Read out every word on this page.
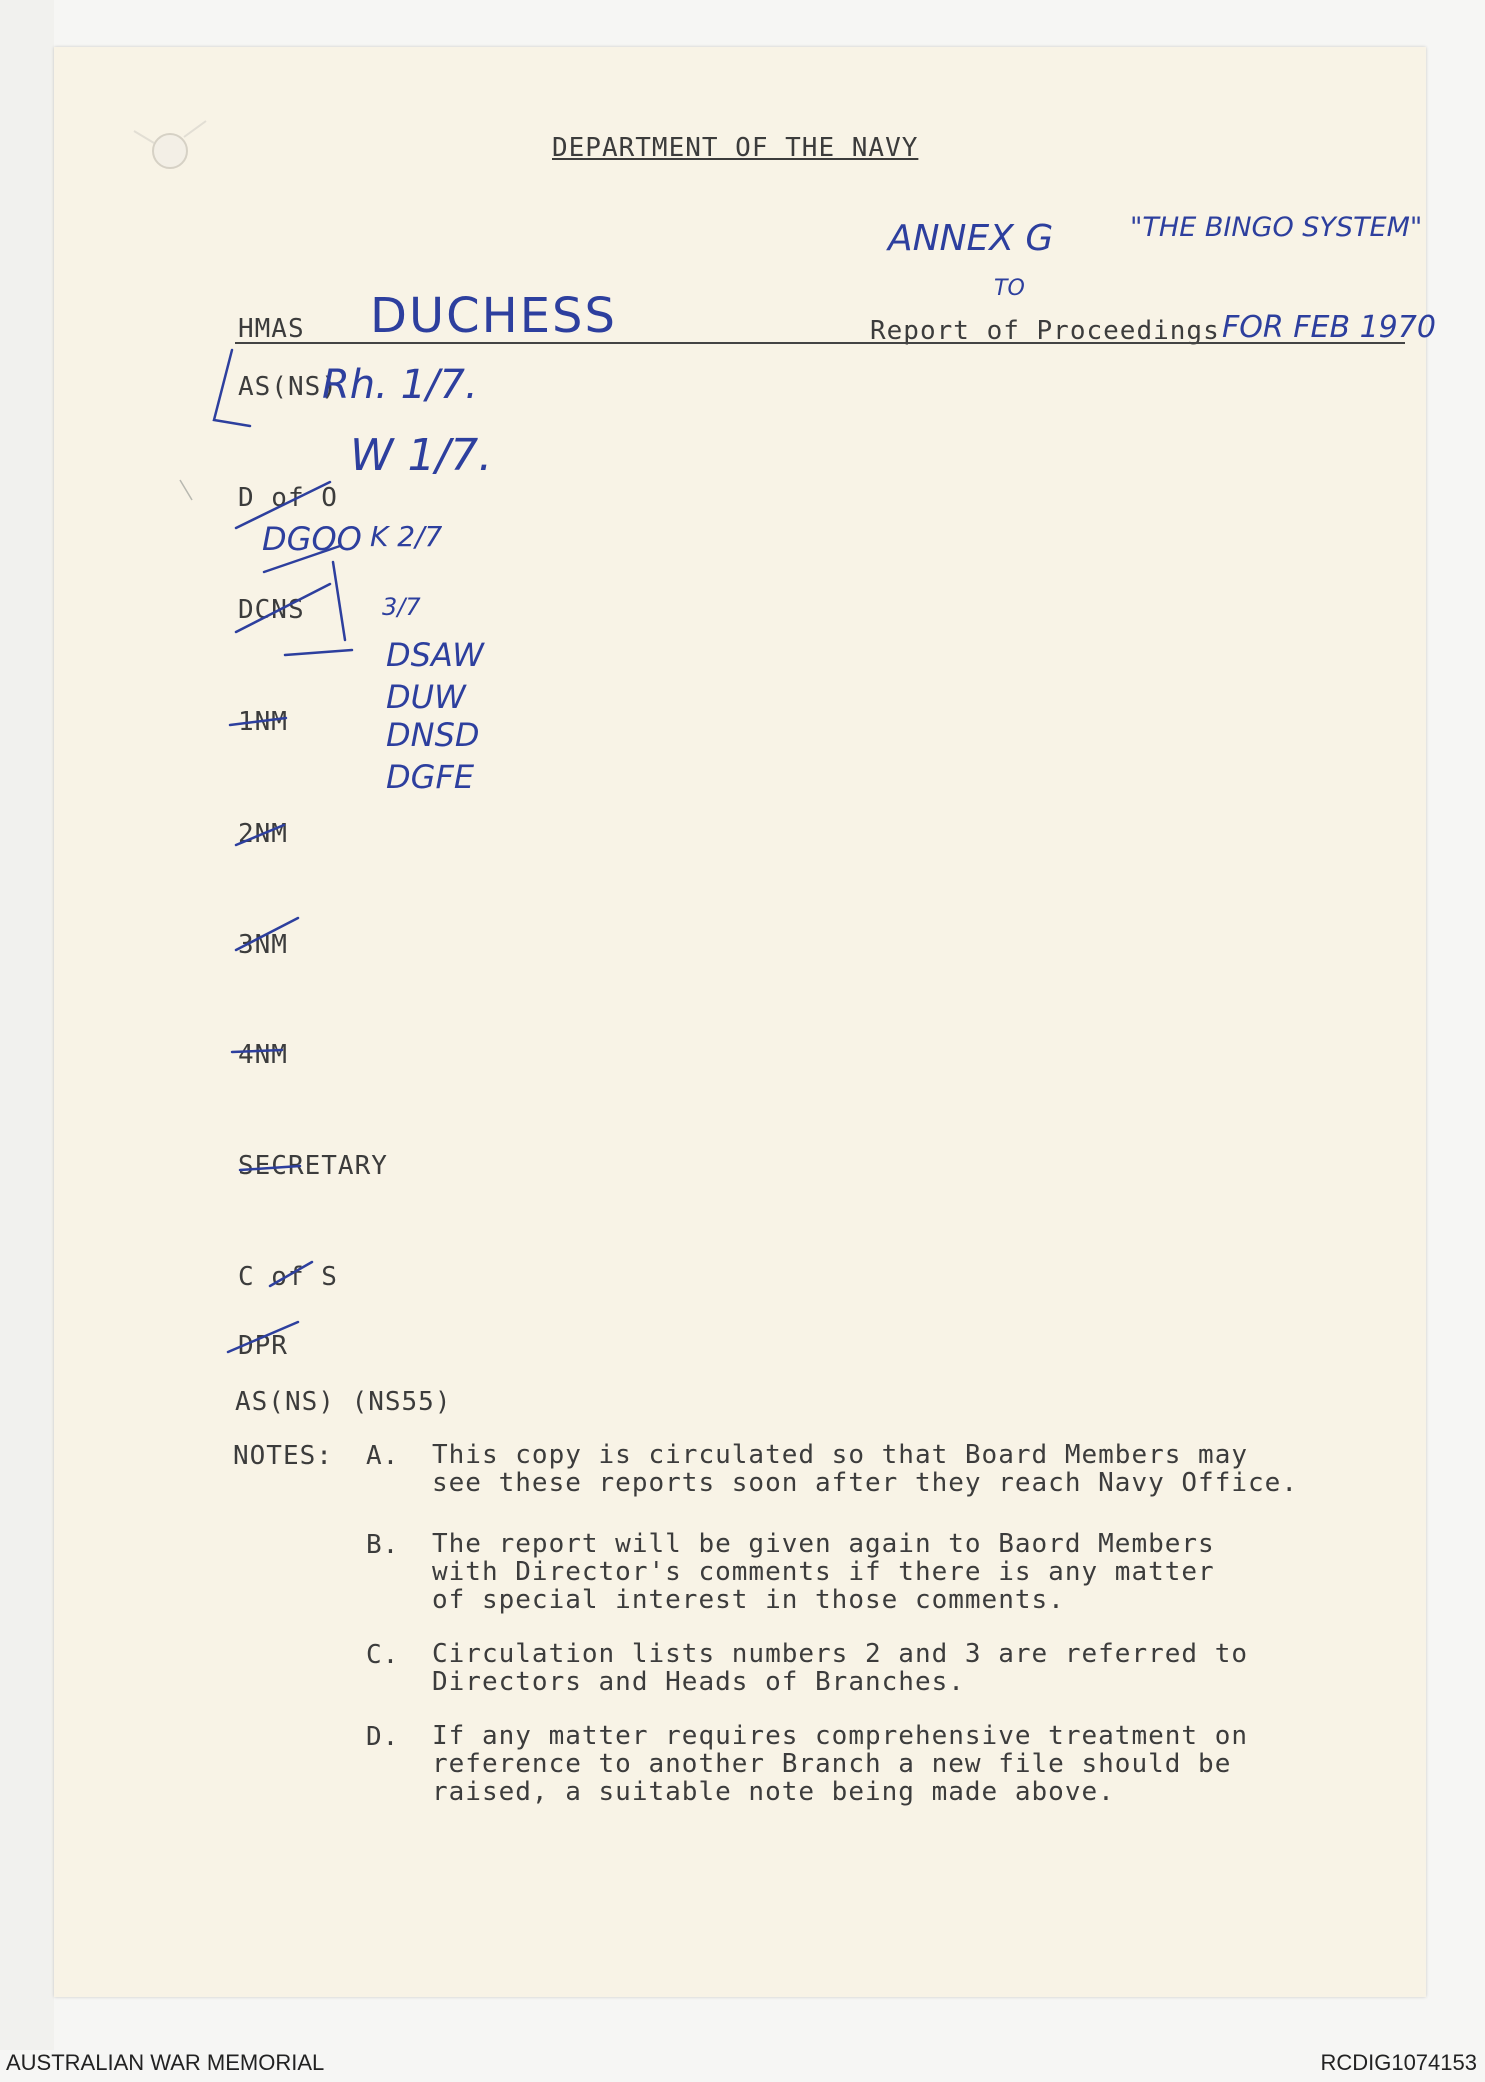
DEPARTMENT OF THE NAVY
ANNEX G	"THE BINGO SYSTEM"
TO
HMAS DUCHESS	Report of Proceedings FOR FEB 1970
AS(NS)
D of O
DCNS
1NM
2NM
3NM
4NM
SECRETARY
C of S
DPR
AS(NS) (NS55)
Rh. 1/7.
W 1/7.
DGOO K 2/7
3/7
DSAW
DUW
DNSD
DGFE
NOTES: A. This copy is circulated so that Board Members may
see these reports soon after they reach Navy Office.
B. The report will be given again to Baord Members
with Director's comments if there is any matter
of special interest in those comments.
C. Circulation lists numbers 2 and 3 are referred to
Directors and Heads of Branches.
D. If any matter requires comprehensive treatment on
reference to another Branch a new file should be
raised, a suitable note being made above.
AUSTRALIAN WAR MEMORIAL	RCDIG1074153
